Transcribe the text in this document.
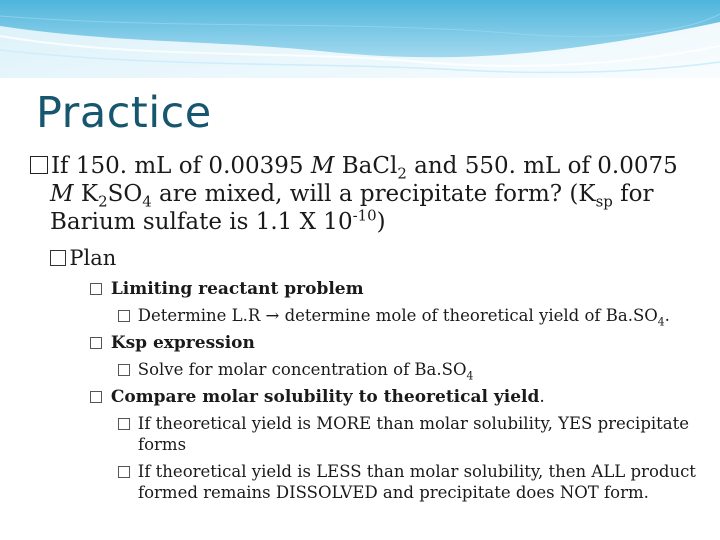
Practice
If 150. mL of 0.00395 M BaCl$_2$ and 550. mL of 0.0075 M $K_2SO_4$ are mixed, will a precipitate form? ($K_{sp}$ for Barium sulfate is 1.1 X $10^{-10}$)
Plan
Limiting reactant problem
Determine L.R → determine mole of theoretical yield of $Ba.SO_4$.
Ksp expression
Solve for molar concentration of $Ba.SO_4$
Compare molar solubility to theoretical yield.
If theoretical yield is MORE than molar solubility, YES precipitate forms
If theoretical yield is LESS than molar solubility, then ALL product formed remains DISSOLVED and precipitate does NOT form.
